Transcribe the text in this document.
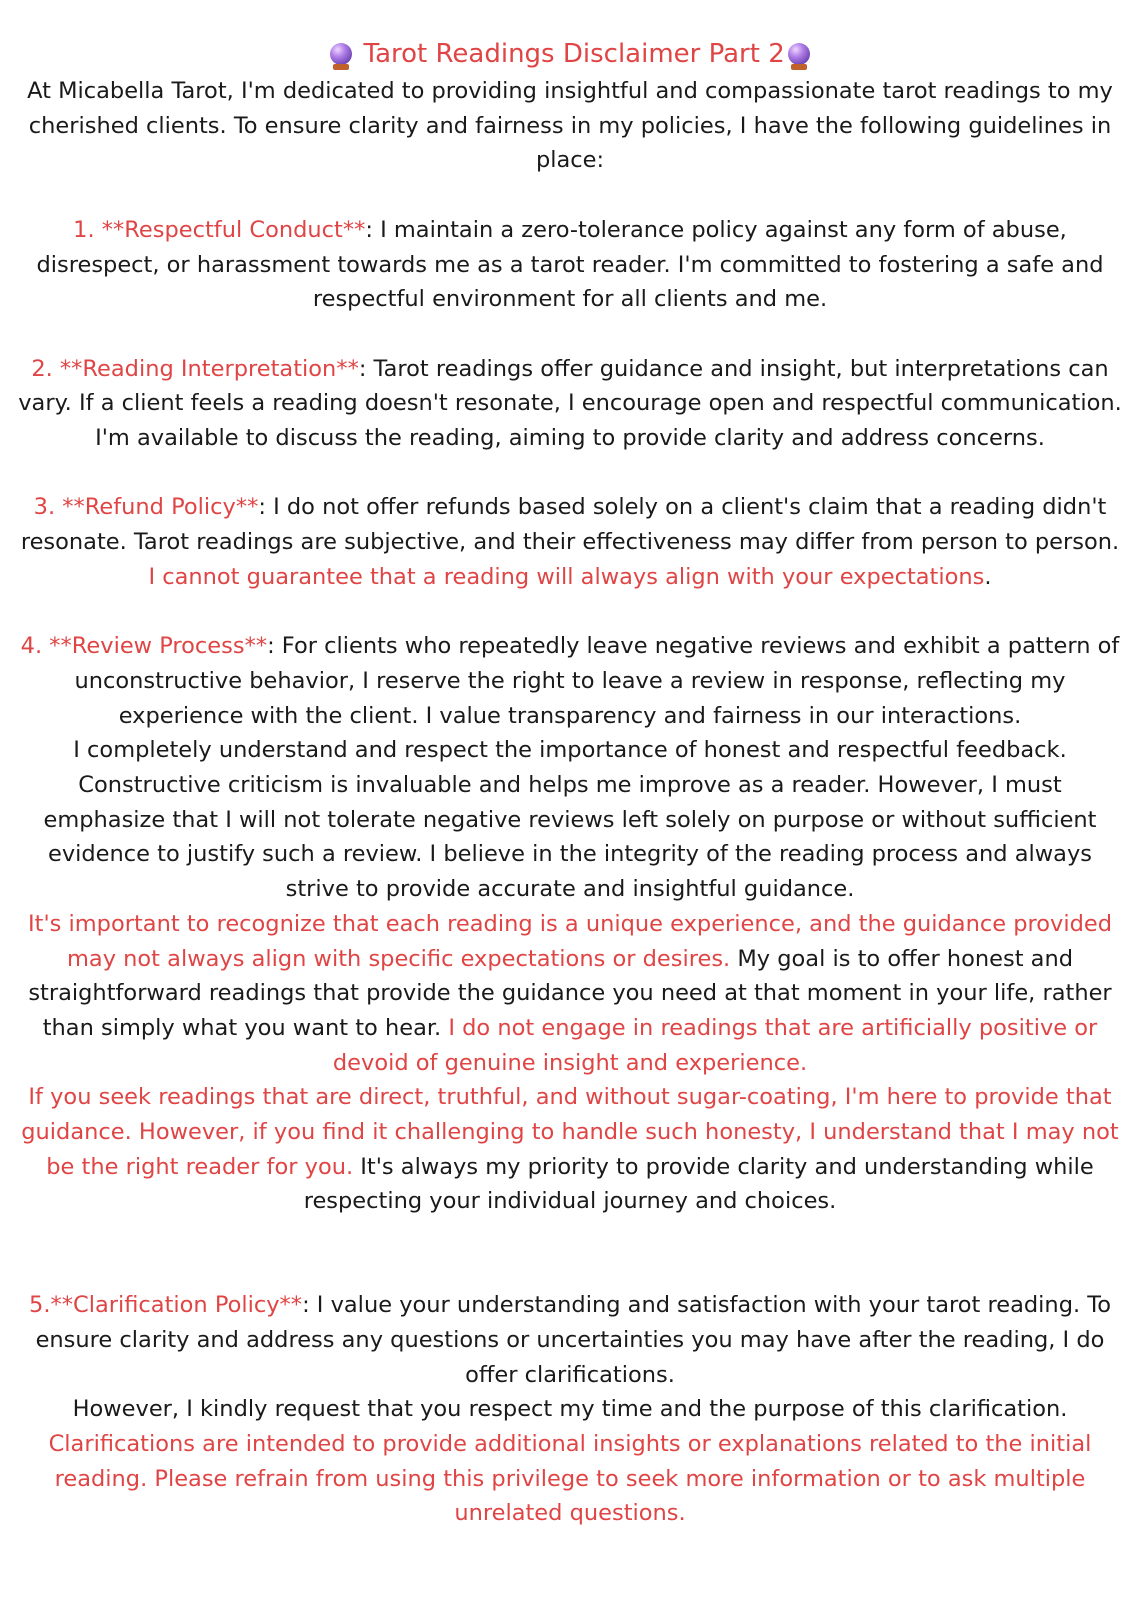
Tarot Readings Disclaimer Part 2

At Micabella Tarot, I'm dedicated to providing insightful and compassionate tarot readings to my cherished clients. To ensure clarity and fairness in my policies, I have the following guidelines in place:

1. **Respectful Conduct**: I maintain a zero-tolerance policy against any form of abuse, disrespect, or harassment towards me as a tarot reader. I'm committed to fostering a safe and respectful environment for all clients and me.

2. **Reading Interpretation**: Tarot readings offer guidance and insight, but interpretations can vary. If a client feels a reading doesn't resonate, I encourage open and respectful communication. I'm available to discuss the reading, aiming to provide clarity and address concerns.

3. **Refund Policy**: I do not offer refunds based solely on a client's claim that a reading didn't resonate. Tarot readings are subjective, and their effectiveness may differ from person to person. I cannot guarantee that a reading will always align with your expectations.

4. **Review Process**: For clients who repeatedly leave negative reviews and exhibit a pattern of unconstructive behavior, I reserve the right to leave a review in response, reflecting my experience with the client. I value transparency and fairness in our interactions.

I completely understand and respect the importance of honest and respectful feedback. Constructive criticism is invaluable and helps me improve as a reader. However, I must emphasize that I will not tolerate negative reviews left solely on purpose or without sufficient evidence to justify such a review. I believe in the integrity of the reading process and always strive to provide accurate and insightful guidance.

It's important to recognize that each reading is a unique experience, and the guidance provided may not always align with specific expectations or desires. My goal is to offer honest and straightforward readings that provide the guidance you need at that moment in your life, rather than simply what you want to hear. I do not engage in readings that are artificially positive or devoid of genuine insight and experience.

If you seek readings that are direct, truthful, and without sugar-coating, I'm here to provide that guidance. However, if you find it challenging to handle such honesty, I understand that I may not be the right reader for you. It's always my priority to provide clarity and understanding while respecting your individual journey and choices.

5.**Clarification Policy**: I value your understanding and satisfaction with your tarot reading. To ensure clarity and address any questions or uncertainties you may have after the reading, I do offer clarifications.

However, I kindly request that you respect my time and the purpose of this clarification.

Clarifications are intended to provide additional insights or explanations related to the initial reading. Please refrain from using this privilege to seek more information or to ask multiple unrelated questions.
